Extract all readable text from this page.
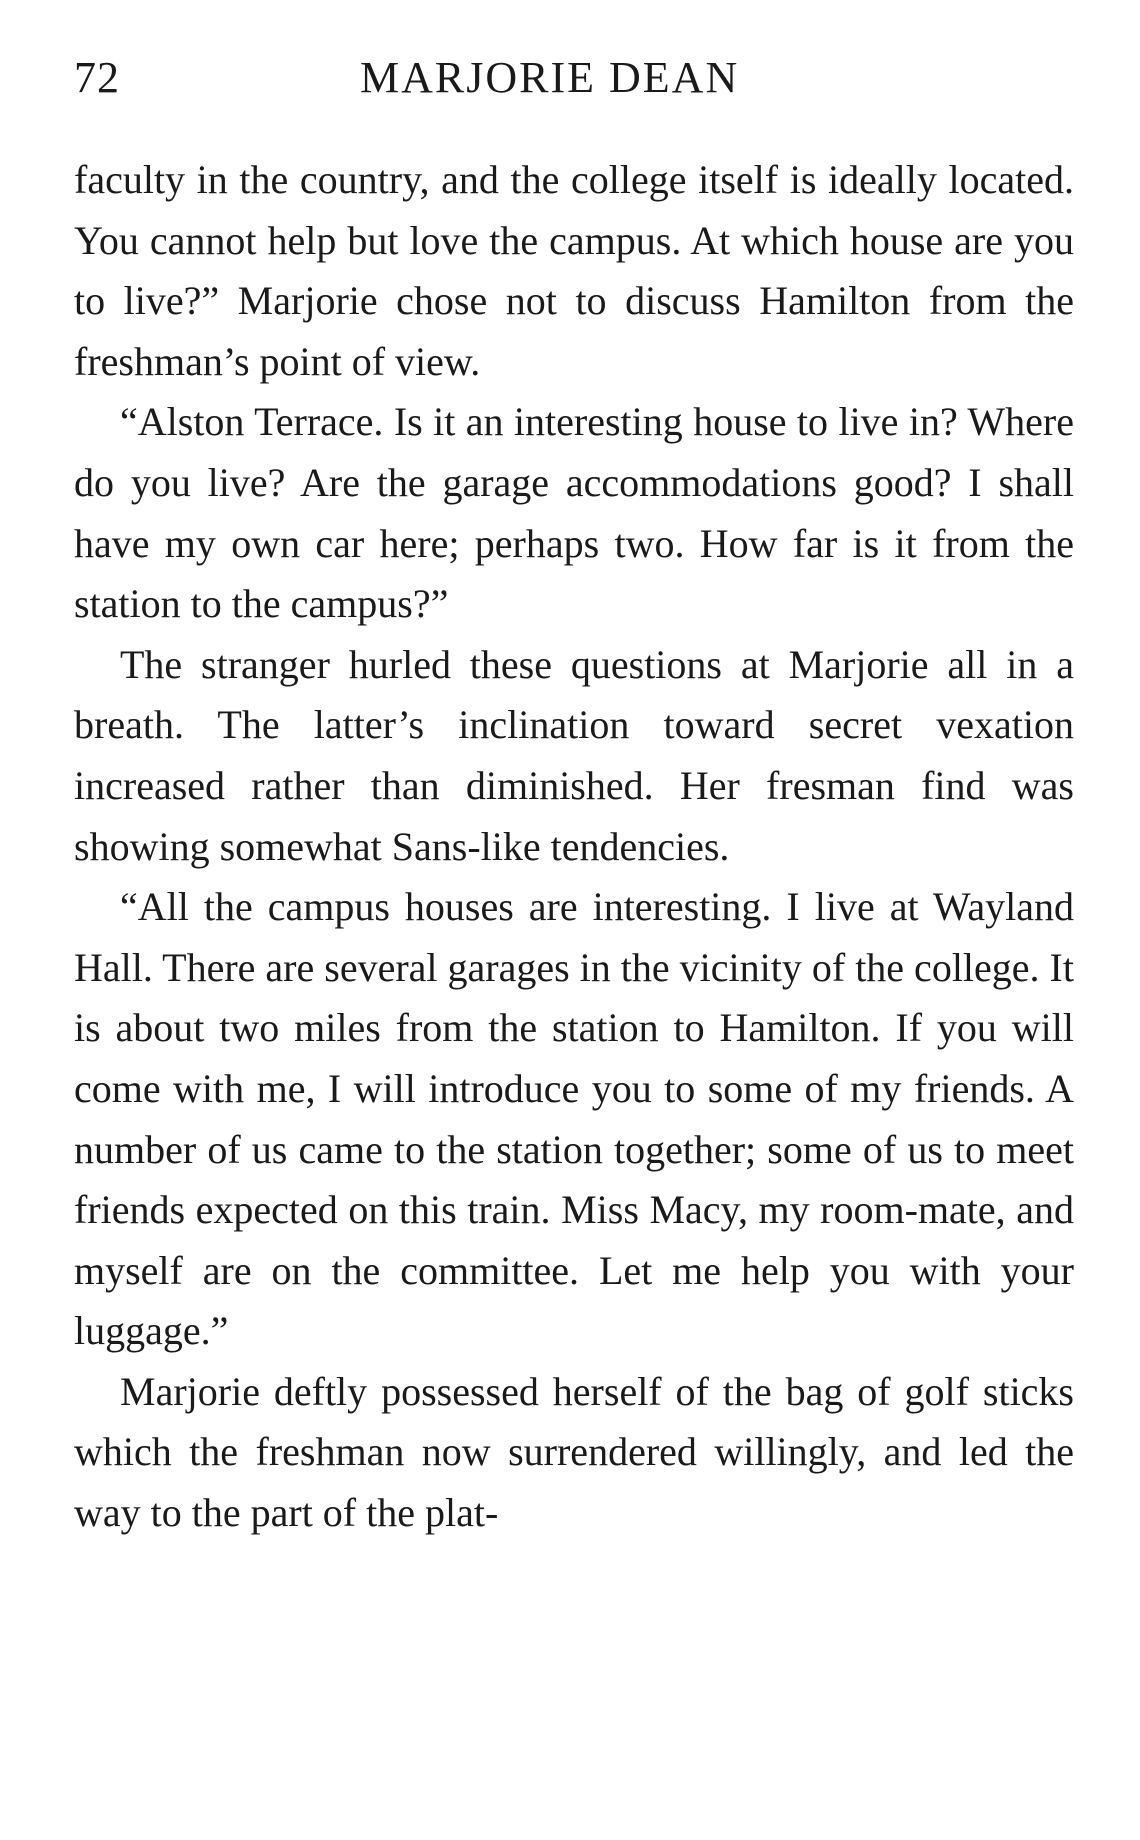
72	MARJORIE DEAN

faculty in the country, and the college itself is ideally located. You cannot help but love the campus. At which house are you to live?” Marjorie chose not to discuss Hamilton from the freshman’s point of view.

“Alston Terrace. Is it an interesting house to live in? Where do you live? Are the garage accommodations good? I shall have my own car here; perhaps two. How far is it from the station to the campus?”

The stranger hurled these questions at Marjorie all in a breath. The latter’s inclination toward secret vexation increased rather than diminished. Her fresman find was showing somewhat Sans-like tendencies.

“All the campus houses are interesting. I live at Wayland Hall. There are several garages in the vicinity of the college. It is about two miles from the station to Hamilton. If you will come with me, I will introduce you to some of my friends. A number of us came to the station together; some of us to meet friends expected on this train. Miss Macy, my room-mate, and myself are on the committee. Let me help you with your luggage.”

Marjorie deftly possessed herself of the bag of golf sticks which the freshman now surrendered willingly, and led the way to the part of the plat-
